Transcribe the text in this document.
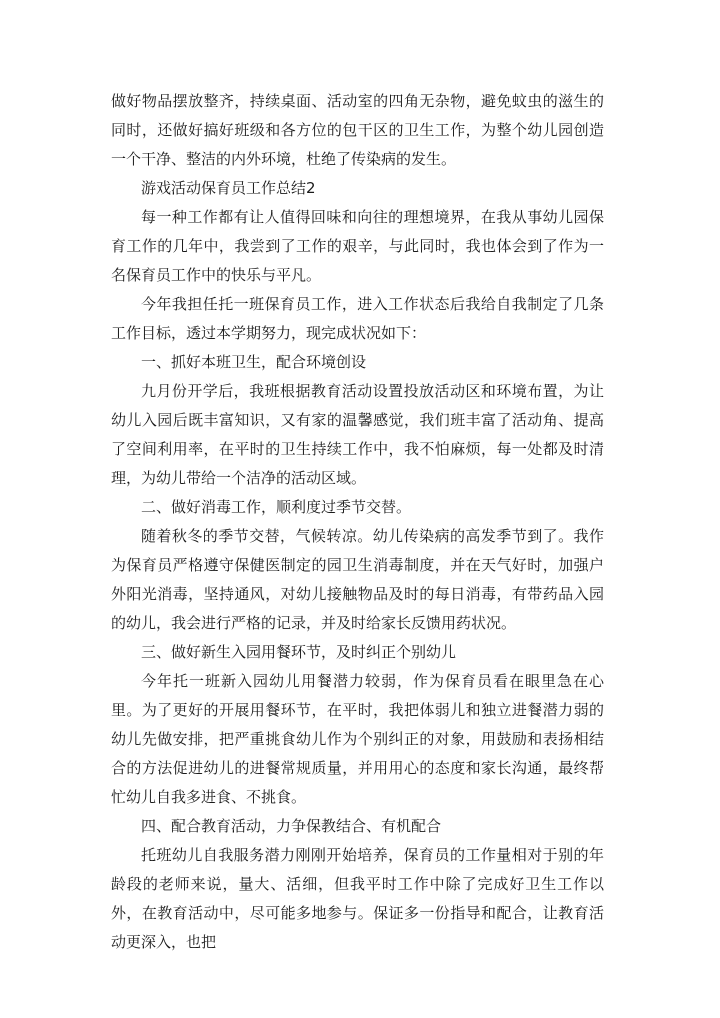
做好物品摆放整齐，持续桌面、活动室的四角无杂物，避免蚊虫的滋生的同时，还做好搞好班级和各方位的包干区的卫生工作，为整个幼儿园创造一个干净、整洁的内外环境，杜绝了传染病的发生。

游戏活动保育员工作总结2

每一种工作都有让人值得回味和向往的理想境界，在我从事幼儿园保育工作的几年中，我尝到了工作的艰辛，与此同时，我也体会到了作为一名保育员工作中的快乐与平凡。

今年我担任托一班保育员工作，进入工作状态后我给自我制定了几条工作目标，透过本学期努力，现完成状况如下：

一、抓好本班卫生，配合环境创设

九月份开学后，我班根据教育活动设置投放活动区和环境布置，为让幼儿入园后既丰富知识，又有家的温馨感觉，我们班丰富了活动角、提高了空间利用率，在平时的卫生持续工作中，我不怕麻烦，每一处都及时清理，为幼儿带给一个洁净的活动区域。

二、做好消毒工作，顺利度过季节交替。

随着秋冬的季节交替，气候转凉。幼儿传染病的高发季节到了。我作为保育员严格遵守保健医制定的园卫生消毒制度，并在天气好时，加强户外阳光消毒，坚持通风，对幼儿接触物品及时的每日消毒，有带药品入园的幼儿，我会进行严格的记录，并及时给家长反馈用药状况。

三、做好新生入园用餐环节，及时纠正个别幼儿

今年托一班新入园幼儿用餐潜力较弱，作为保育员看在眼里急在心里。为了更好的开展用餐环节，在平时，我把体弱儿和独立进餐潜力弱的幼儿先做安排，把严重挑食幼儿作为个别纠正的对象，用鼓励和表扬相结合的方法促进幼儿的进餐常规质量，并用用心的态度和家长沟通，最终帮忙幼儿自我多进食、不挑食。

四、配合教育活动，力争保教结合、有机配合

托班幼儿自我服务潜力刚刚开始培养，保育员的工作量相对于别的年龄段的老师来说，量大、活细，但我平时工作中除了完成好卫生工作以外，在教育活动中，尽可能多地参与。保证多一份指导和配合，让教育活动更深入，也把
